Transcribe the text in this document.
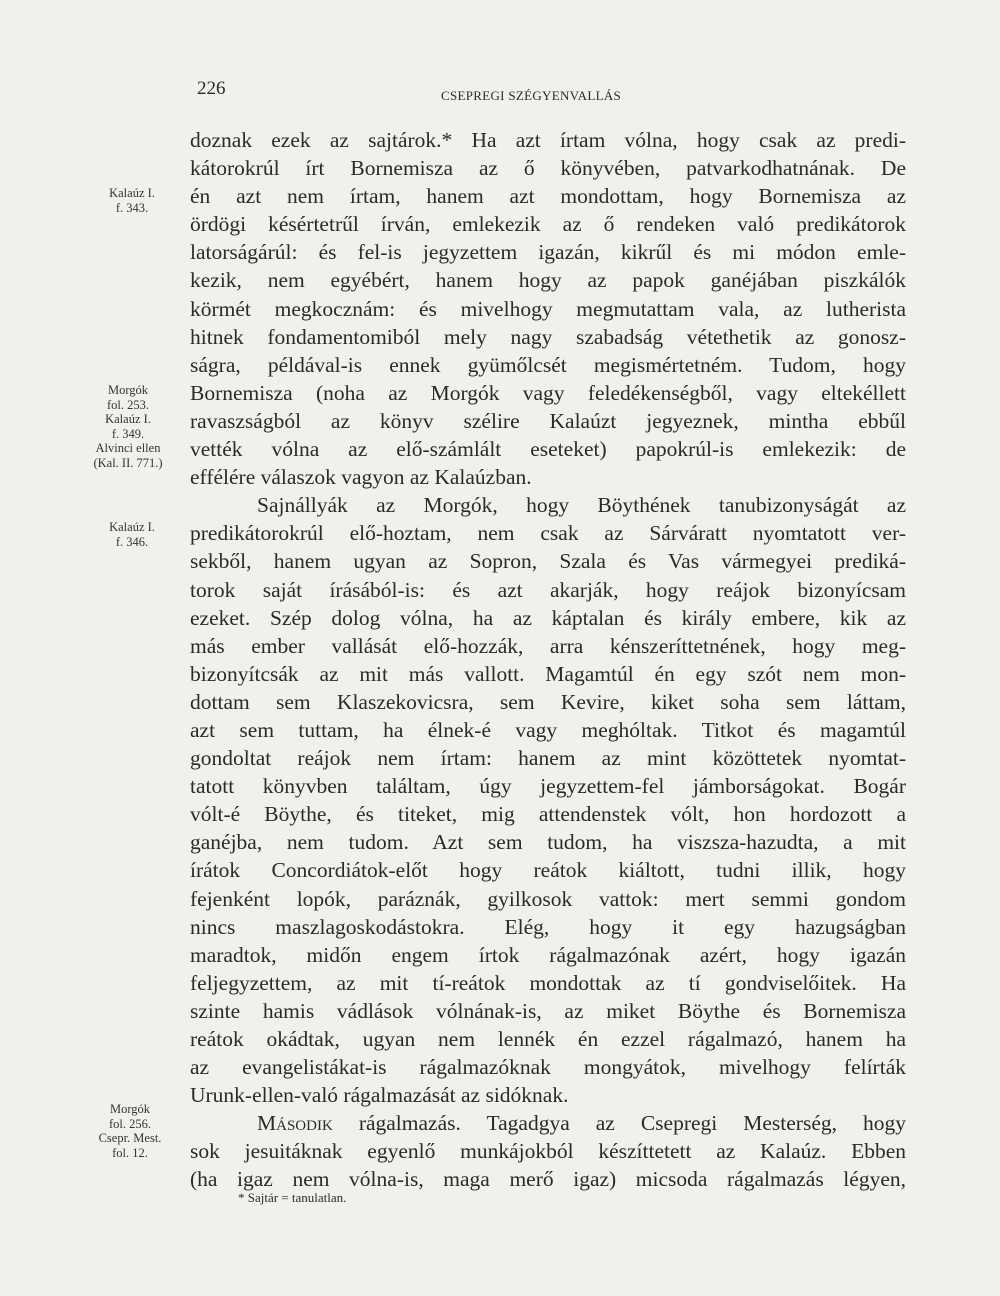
226	CSEPREGI SZÉGYENVALLÁS
Kalaúz I.
f. 343.
Morgók
fol. 253.
Kalaúz I.
f. 349.
Alvinci ellen
(Kal. II. 771.)
Kalaúz I.
f. 346.
Morgók
fol. 256.
Csepr. Mest.
fol. 12.
doznak ezek az sajtárok.* Ha azt írtam vólna, hogy csak az predi-
kátorokrúl írt Bornemisza az ő könyvében, patvarkodhatnának. De
én azt nem írtam, hanem azt mondottam, hogy Bornemisza az
ördögi késértetrűl írván, emlekezik az ő rendeken való predikátorok
latorságárúl: és fel-is jegyzettem igazán, kikrűl és mi módon emle-
kezik, nem egyébért, hanem hogy az papok ganéjában piszkálók
körmét megkocznám: és mivelhogy megmutattam vala, az lutherista
hitnek fondamentomiból mely nagy szabadság vétethetik az gonosz-
ságra, példával-is ennek gyümőlcsét megismértetném. Tudom, hogy
Bornemisza (noha az Morgók vagy feledékenségből, vagy eltekéllett
ravaszságból az könyv szélire Kalaúzt jegyeznek, mintha ebbűl
vették vólna az elő-számlált eseteket) papokrúl-is emlekezik: de
effélére válaszok vagyon az Kalaúzban.
Sajnállyák az Morgók, hogy Böythének tanubizonyságát az
predikátorokrúl elő-hoztam, nem csak az Sárváratt nyomtatott ver-
sekből, hanem ugyan az Sopron, Szala és Vas vármegyei prediká-
torok saját írásából-is: és azt akarják, hogy reájok bizonyícsam
ezeket. Szép dolog vólna, ha az káptalan és király embere, kik az
más ember vallását elő-hozzák, arra kénszeríttetnének, hogy meg-
bizonyítcsák az mit más vallott. Magamtúl én egy szót nem mon-
dottam sem Klaszekovicsra, sem Kevire, kiket soha sem láttam,
azt sem tuttam, ha élnek-é vagy meghóltak. Titkot és magamtúl
gondoltat reájok nem írtam: hanem az mint közöttetek nyomtat-
tatott könyvben találtam, úgy jegyzettem-fel jámborságokat. Bogár
vólt-é Böythe, és titeket, mig attendenstek vólt, hon hordozott a
ganéjba, nem tudom. Azt sem tudom, ha viszsza-hazudta, a mit
írátok Concordiátok-előt hogy reátok kiáltott, tudni illik, hogy
fejenként lopók, paráznák, gyilkosok vattok: mert semmi gondom
nincs maszlagoskodástokra. Elég, hogy it egy hazugságban
maradtok, midőn engem írtok rágalmazónak azért, hogy igazán
feljegyzettem, az mit tí-reátok mondottak az tí gondviselőitek. Ha
szinte hamis vádlások vólnának-is, az miket Böythe és Bornemisza
reátok okádtak, ugyan nem lennék én ezzel rágalmazó, hanem ha
az evangelistákat-is rágalmazóknak mongyátok, mivelhogy felírták
Urunk-ellen-való rágalmazását az sidóknak.
Második rágalmazás. Tagadgya az Csepregi Mesterség, hogy
sok jesuitáknak egyenlő munkájokból készíttetett az Kalaúz. Ebben
(ha igaz nem vólna-is, maga merő igaz) micsoda rágalmazás légyen,
* Sajtár = tanulatlan.
